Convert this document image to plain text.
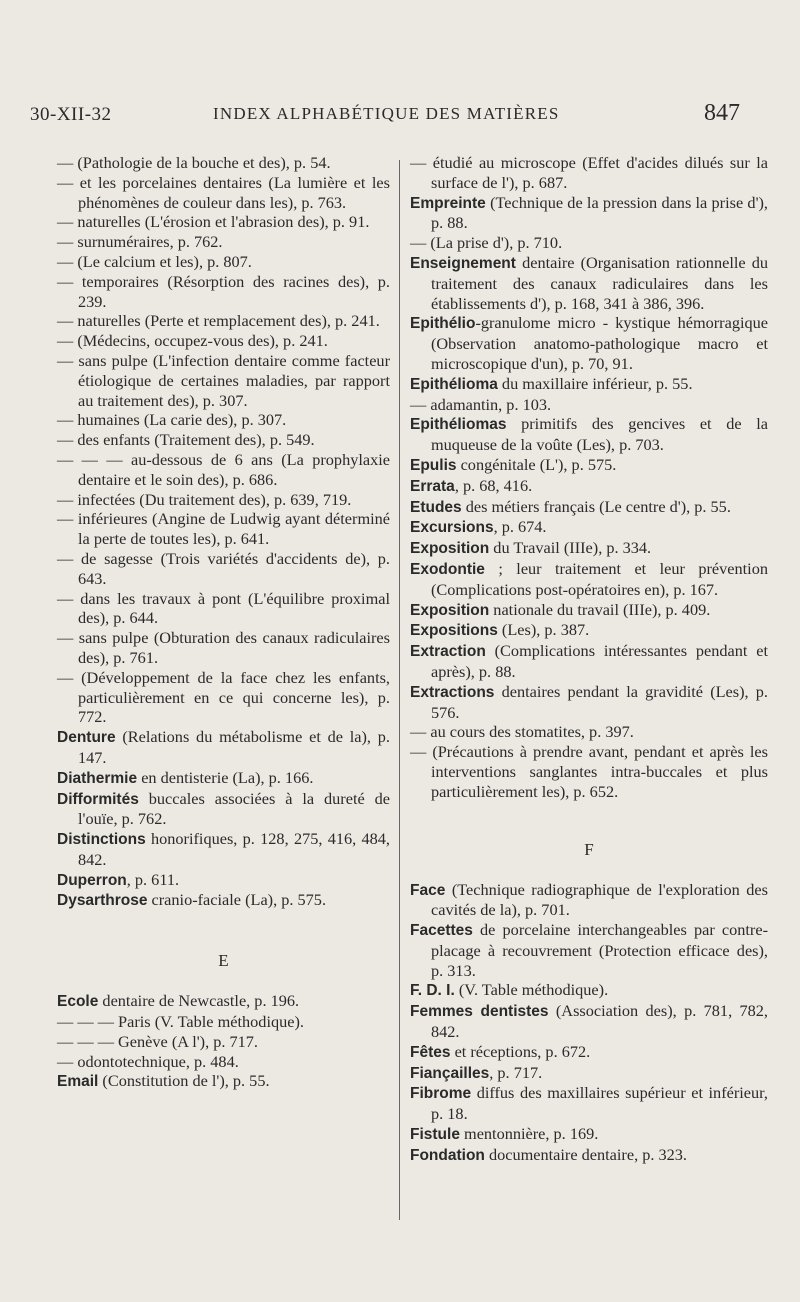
30-XII-32	INDEX ALPHABÉTIQUE DES MATIÈRES	847

— (Pathologie de la bouche et des), p. 54.

— et les porcelaines dentaires (La lumière et les phénomènes de couleur dans les), p. 763.

— naturelles (L'érosion et l'abrasion des), p. 91.

— surnuméraires, p. 762.

— (Le calcium et les), p. 807.

— temporaires (Résorption des racines des), p. 239.

— naturelles (Perte et remplacement des), p. 241.

— (Médecins, occupez-vous des), p. 241.

— sans pulpe (L'infection dentaire comme facteur étiologique de certaines maladies, par rapport au traitement des), p. 307.

— humaines (La carie des), p. 307.

— des enfants (Traitement des), p. 549.

— — — au-dessous de 6 ans (La prophylaxie dentaire et le soin des), p. 686.

— infectées (Du traitement des), p. 639, 719.

— inférieures (Angine de Ludwig ayant déterminé la perte de toutes les), p. 641.

— de sagesse (Trois variétés d'accidents de), p. 643.

— dans les travaux à pont (L'équilibre proximal des), p. 644.

— sans pulpe (Obturation des canaux radiculaires des), p. 761.

— (Développement de la face chez les enfants, particulièrement en ce qui concerne les), p. 772.

Denture (Relations du métabolisme et de la), p. 147.

Diathermie en dentisterie (La), p. 166.

Difformités buccales associées à la dureté de l'ouïe, p. 762.

Distinctions honorifiques, p. 128, 275, 416, 484, 842.

Duperron, p. 611.

Dysarthrose cranio-faciale (La), p. 575.

E

Ecole dentaire de Newcastle, p. 196.

— — — Paris (V. Table méthodique).

— — — Genève (A l'), p. 717.

— odontotechnique, p. 484.

Email (Constitution de l'), p. 55.

— étudié au microscope (Effet d'acides dilués sur la surface de l'), p. 687.

Empreinte (Technique de la pression dans la prise d'), p. 88.

— (La prise d'), p. 710.

Enseignement dentaire (Organisation rationnelle du traitement des canaux radiculaires dans les établissements d'), p. 168, 341 à 386, 396.

Epithélio-granulome micro - kystique hémorragique (Observation anatomo-pathologique macro et microscopique d'un), p. 70, 91.

Epithélioma du maxillaire inférieur, p. 55.

— adamantin, p. 103.

Epithéliomas primitifs des gencives et de la muqueuse de la voûte (Les), p. 703.

Epulis congénitale (L'), p. 575.

Errata, p. 68, 416.

Etudes des métiers français (Le centre d'), p. 55.

Excursions, p. 674.

Exposition du Travail (IIIe), p. 334.

Exodontie ; leur traitement et leur prévention (Complications post-opératoires en), p. 167.

Exposition nationale du travail (IIIe), p. 409.

Expositions (Les), p. 387.

Extraction (Complications intéressantes pendant et après), p. 88.

Extractions dentaires pendant la gravidité (Les), p. 576.

— au cours des stomatites, p. 397.

— (Précautions à prendre avant, pendant et après les interventions sanglantes intra-buccales et plus particulièrement les), p. 652.

F

Face (Technique radiographique de l'exploration des cavités de la), p. 701.

Facettes de porcelaine interchangeables par contre-placage à recouvrement (Protection efficace des), p. 313.

F. D. I. (V. Table méthodique).

Femmes dentistes (Association des), p. 781, 782, 842.

Fêtes et réceptions, p. 672.

Fiançailles, p. 717.

Fibrome diffus des maxillaires supérieur et inférieur, p. 18.

Fistule mentonnière, p. 169.

Fondation documentaire dentaire, p. 323.
